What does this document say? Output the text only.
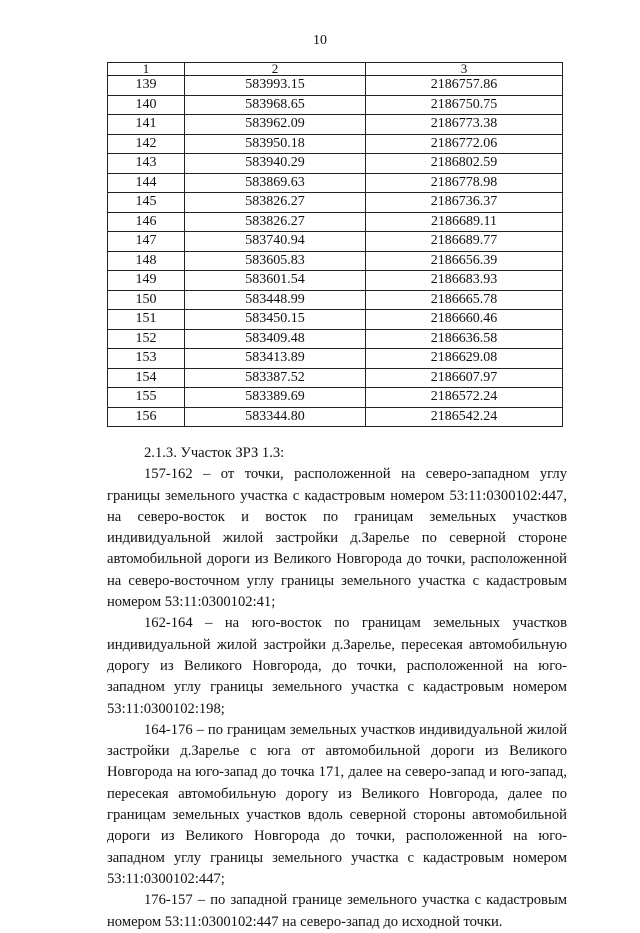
10
1	2	3
139	583993.15	2186757.86
140	583968.65	2186750.75
141	583962.09	2186773.38
142	583950.18	2186772.06
143	583940.29	2186802.59
144	583869.63	2186778.98
145	583826.27	2186736.37
146	583826.27	2186689.11
147	583740.94	2186689.77
148	583605.83	2186656.39
149	583601.54	2186683.93
150	583448.99	2186665.78
151	583450.15	2186660.46
152	583409.48	2186636.58
153	583413.89	2186629.08
154	583387.52	2186607.97
155	583389.69	2186572.24
156	583344.80	2186542.24

2.1.3. Участок ЗРЗ 1.3:

157-162 – от точки, расположенной на северо-западном углу границы земельного участка с кадастровым номером 53:11:0300102:447, на северо-восток и восток по границам земельных участков индивидуальной жилой застройки д.Зарелье по северной стороне автомобильной дороги из Великого Новгорода до точки, расположенной на северо-восточном углу границы земельного участка с кадастровым номером 53:11:0300102:41;

162-164 – на юго-восток по границам земельных участков индивидуальной жилой застройки д.Зарелье, пересекая автомобильную дорогу из Великого Новгорода, до точки, расположенной на юго-западном углу границы земельного участка с кадастровым номером 53:11:0300102:198;

164-176 – по границам земельных участков индивидуальной жилой застройки д.Зарелье с юга от автомобильной дороги из Великого Новгорода на юго-запад до точка 171, далее на северо-запад и юго-запад, пересекая автомобильную дорогу из Великого Новгорода, далее по границам земельных участков вдоль северной стороны автомобильной дороги из Великого Новгорода до точки, расположенной на юго-западном углу границы земельного участка с кадастровым номером 53:11:0300102:447;

176-157 – по западной границе земельного участка с кадастровым номером 53:11:0300102:447 на северо-запад до исходной точки.
